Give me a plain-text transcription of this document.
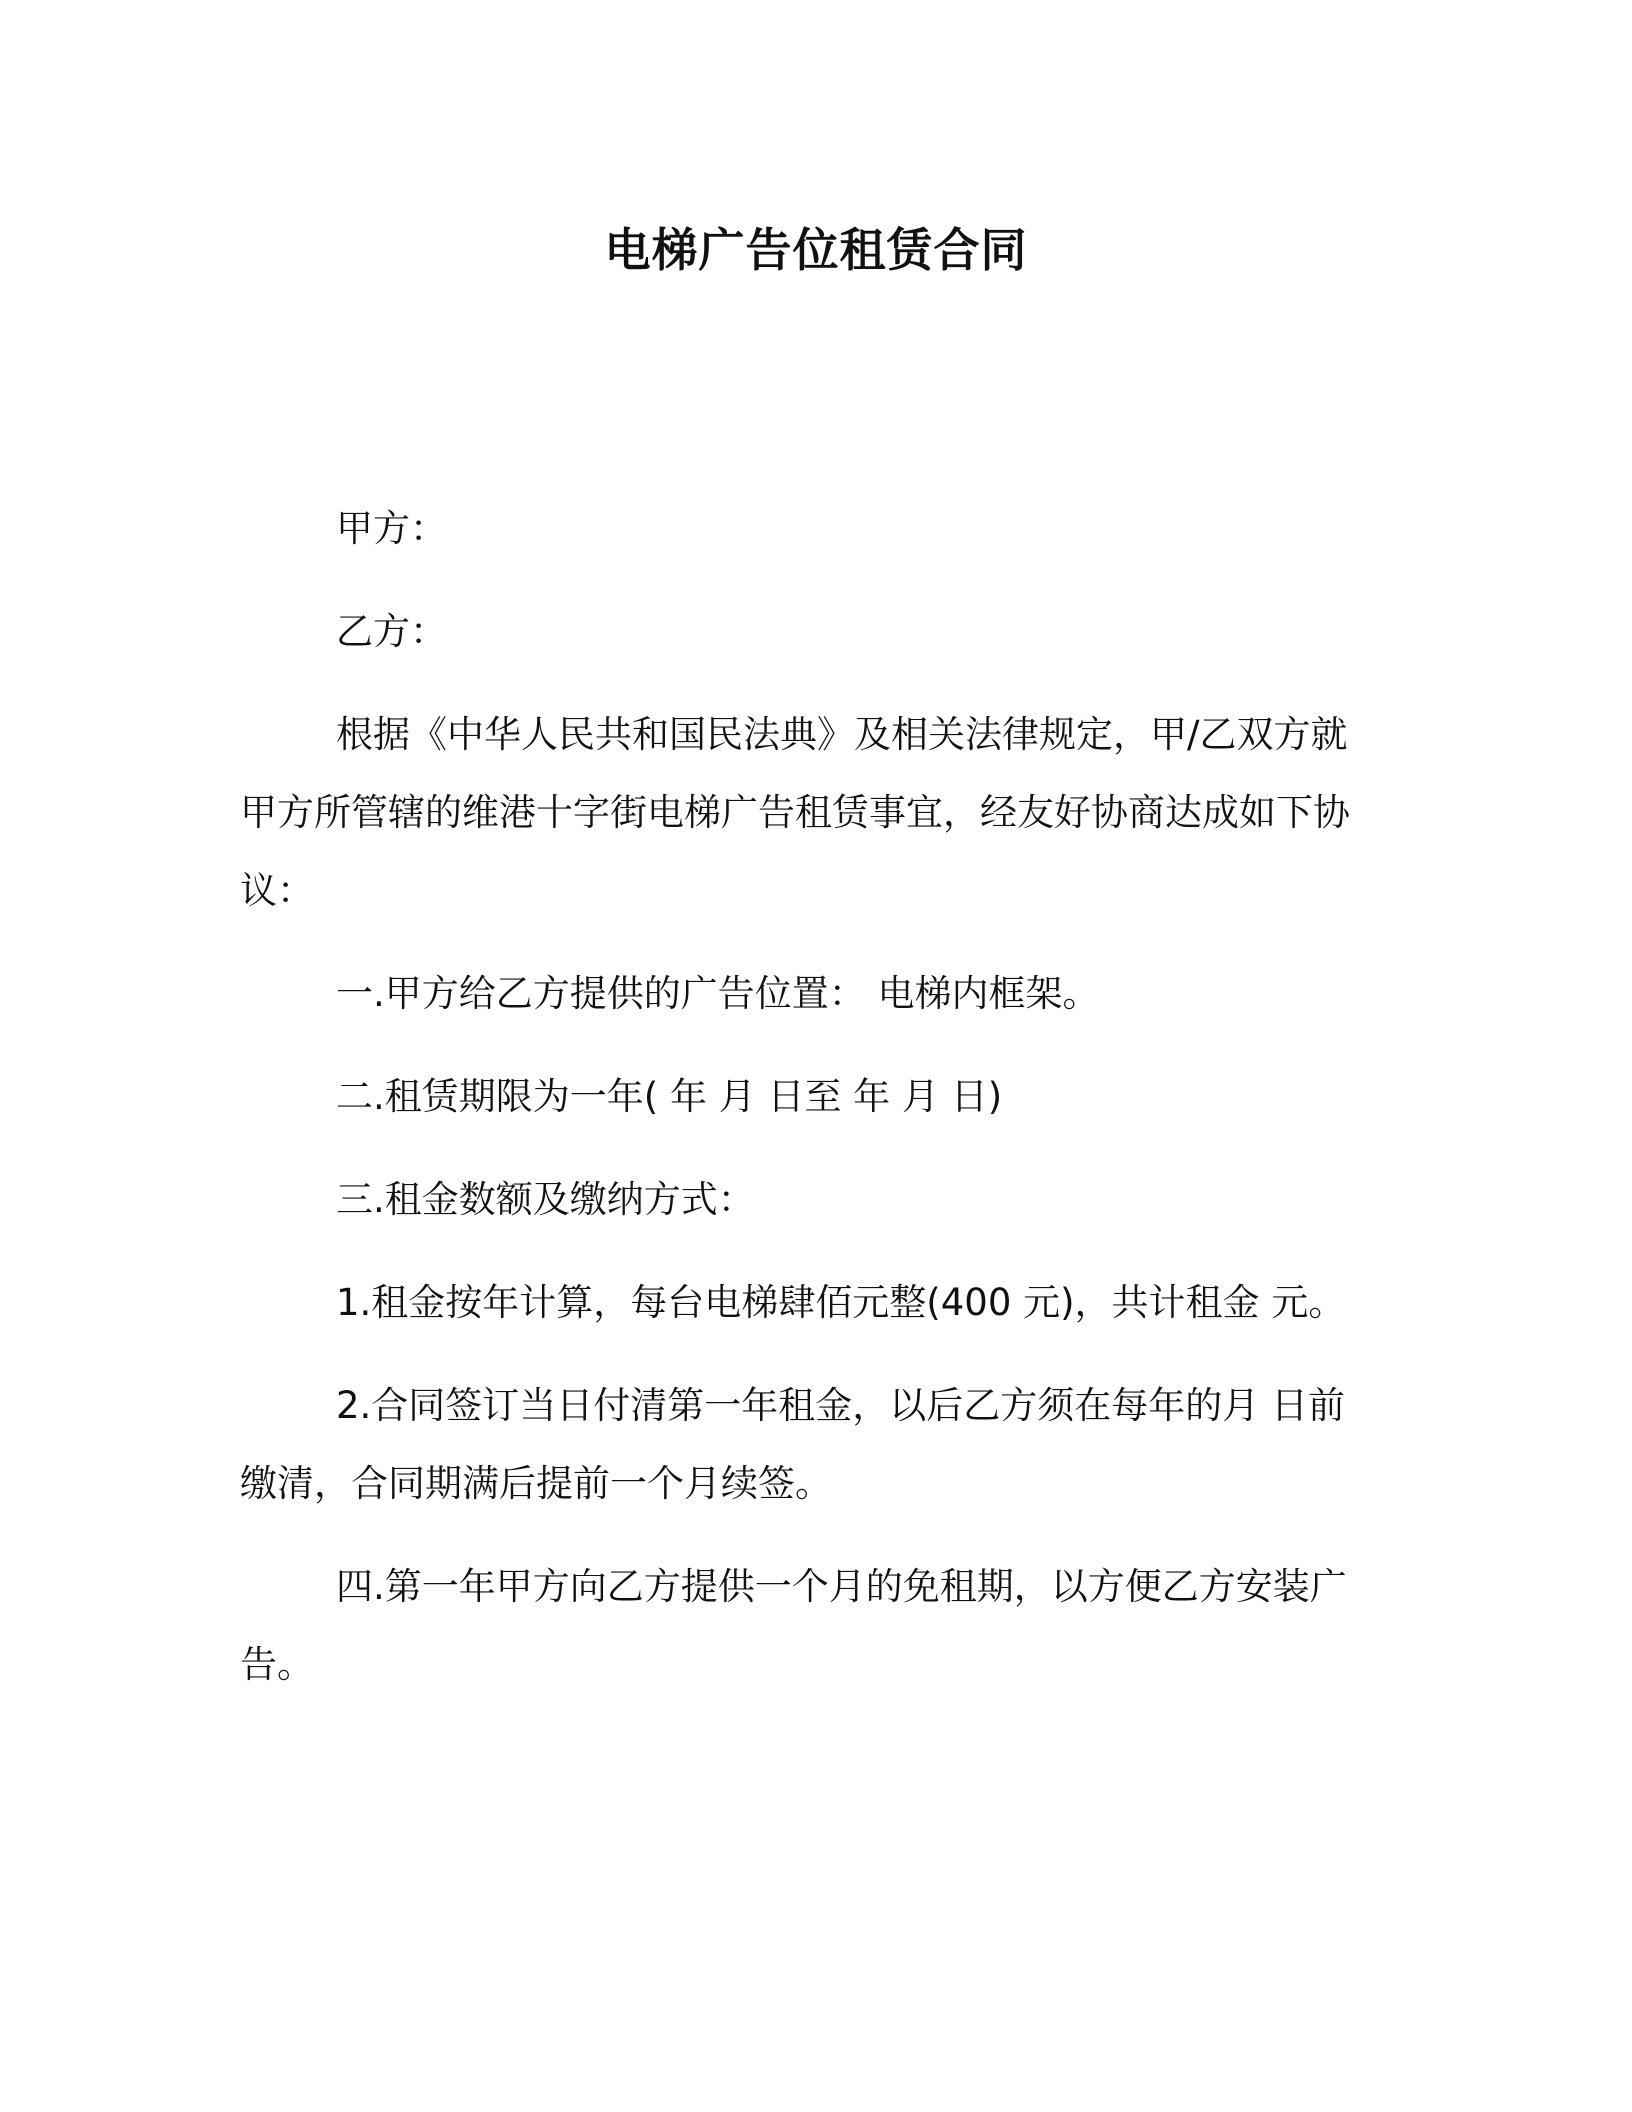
电梯广告位租赁合同

甲方：

乙方：

根据《中华人民共和国民法典》及相关法律规定，甲/乙双方就甲方所管辖的维港十字街电梯广告租赁事宜，经友好协商达成如下协议：

一.甲方给乙方提供的广告位置： 电梯内框架。

二.租赁期限为一年( 年 月 日至 年 月 日)

三.租金数额及缴纳方式：

1.租金按年计算，每台电梯肆佰元整(400 元)，共计租金 元。

2.合同签订当日付清第一年租金，以后乙方须在每年的月 日前缴清，合同期满后提前一个月续签。

四.第一年甲方向乙方提供一个月的免租期，以方便乙方安装广告。
